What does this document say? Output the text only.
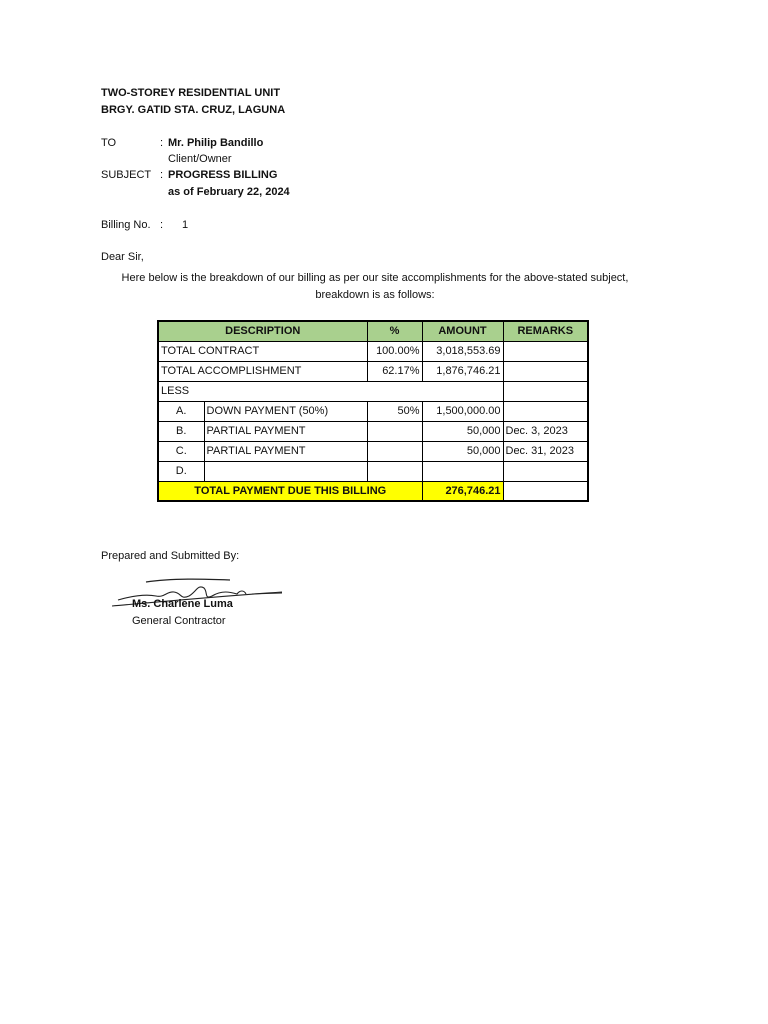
TWO-STOREY RESIDENTIAL UNIT
BRGY. GATID STA. CRUZ, LAGUNA
TO	: Mr. Philip Bandillo
Client/Owner
SUBJECT : PROGRESS BILLING
as of February 22, 2024
Billing No. : 1
Dear Sir,
Here below is the breakdown of our billing as per our site accomplishments for the above-stated subject,
breakdown is as follows:
DESCRIPTION		%	AMOUNT	REMARKS
TOTAL CONTRACT		100.00%	3,018,553.69	
TOTAL ACCOMPLISHMENT		62.17%	1,876,746.21	
LESS				
A.	DOWN PAYMENT (50%)	50%	1,500,000.00	
B.	PARTIAL PAYMENT		50,000	Dec. 3, 2023
C.	PARTIAL PAYMENT		50,000	Dec. 31, 2023
D.				
TOTAL PAYMENT DUE THIS BILLING			276,746.21	
Prepared and Submitted By:
Ms. Charlene Luma
General Contractor
